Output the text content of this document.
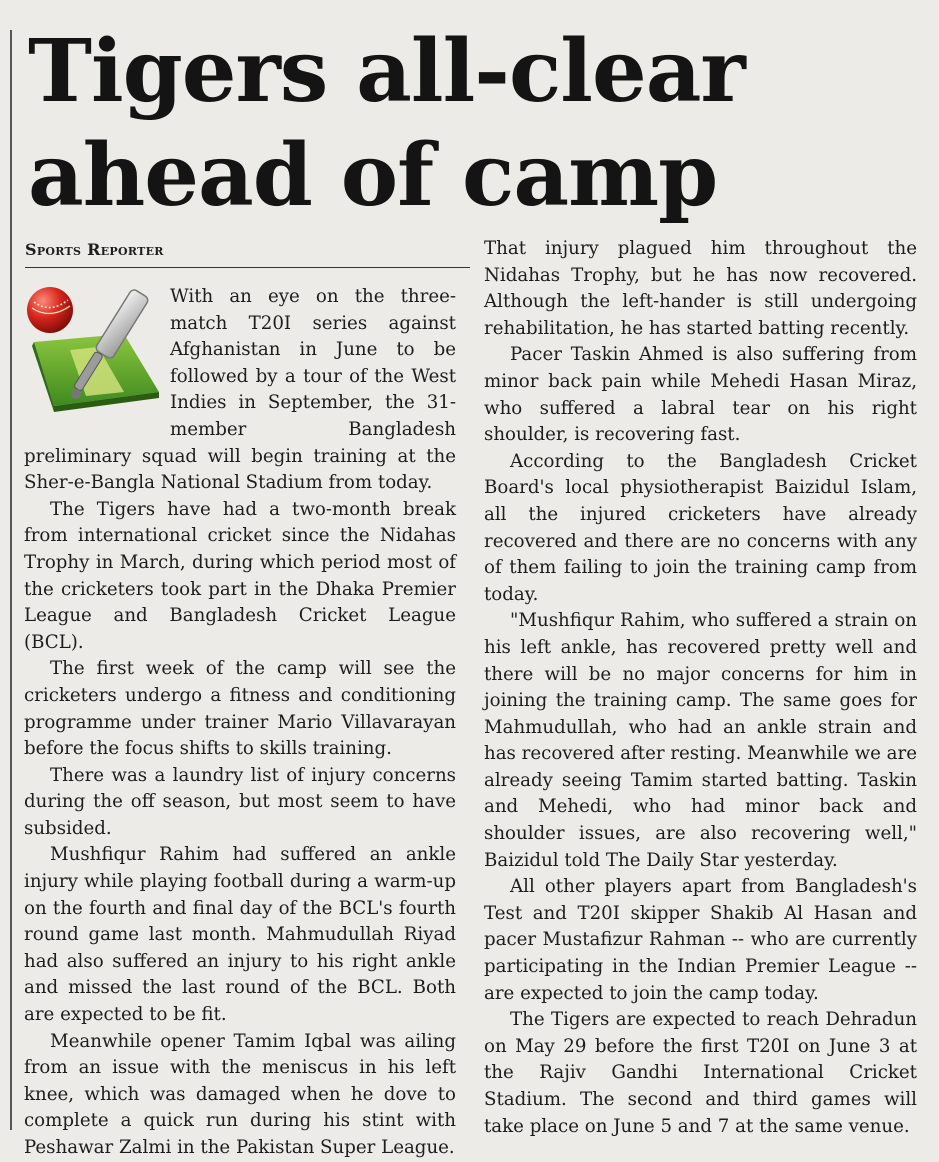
Tigers all-clear ahead of camp
Sports Reporter

With an eye on the three-match T20I series against Afghanistan in June to be followed by a tour of the West Indies in September, the 31-member Bangladesh preliminary squad will begin training at the Sher-e-Bangla National Stadium from today.

The Tigers have had a two-month break from international cricket since the Nidahas Trophy in March, during which period most of the cricketers took part in the Dhaka Premier League and Bangladesh Cricket League (BCL).

The first week of the camp will see the cricketers undergo a fitness and conditioning programme under trainer Mario Villavarayan before the focus shifts to skills training.

There was a laundry list of injury concerns during the off season, but most seem to have subsided.

Mushfiqur Rahim had suffered an ankle injury while playing football during a warm-up on the fourth and final day of the BCL's fourth round game last month. Mahmudullah Riyad had also suffered an injury to his right ankle and missed the last round of the BCL. Both are expected to be fit.

Meanwhile opener Tamim Iqbal was ailing from an issue with the meniscus in his left knee, which was damaged when he dove to complete a quick run during his stint with Peshawar Zalmi in the Pakistan Super League.

That injury plagued him throughout the Nidahas Trophy, but he has now recovered. Although the left-hander is still undergoing rehabilitation, he has started batting recently.

Pacer Taskin Ahmed is also suffering from minor back pain while Mehedi Hasan Miraz, who suffered a labral tear on his right shoulder, is recovering fast.

According to the Bangladesh Cricket Board's local physiotherapist Baizidul Islam, all the injured cricketers have already recovered and there are no concerns with any of them failing to join the training camp from today.

"Mushfiqur Rahim, who suffered a strain on his left ankle, has recovered pretty well and there will be no major concerns for him in joining the training camp. The same goes for Mahmudullah, who had an ankle strain and has recovered after resting. Meanwhile we are already seeing Tamim started batting. Taskin and Mehedi, who had minor back and shoulder issues, are also recovering well," Baizidul told The Daily Star yesterday.

All other players apart from Bangladesh's Test and T20I skipper Shakib Al Hasan and pacer Mustafizur Rahman -- who are currently participating in the Indian Premier League -- are expected to join the camp today.

The Tigers are expected to reach Dehradun on May 29 before the first T20I on June 3 at the Rajiv Gandhi International Cricket Stadium. The second and third games will take place on June 5 and 7 at the same venue.
